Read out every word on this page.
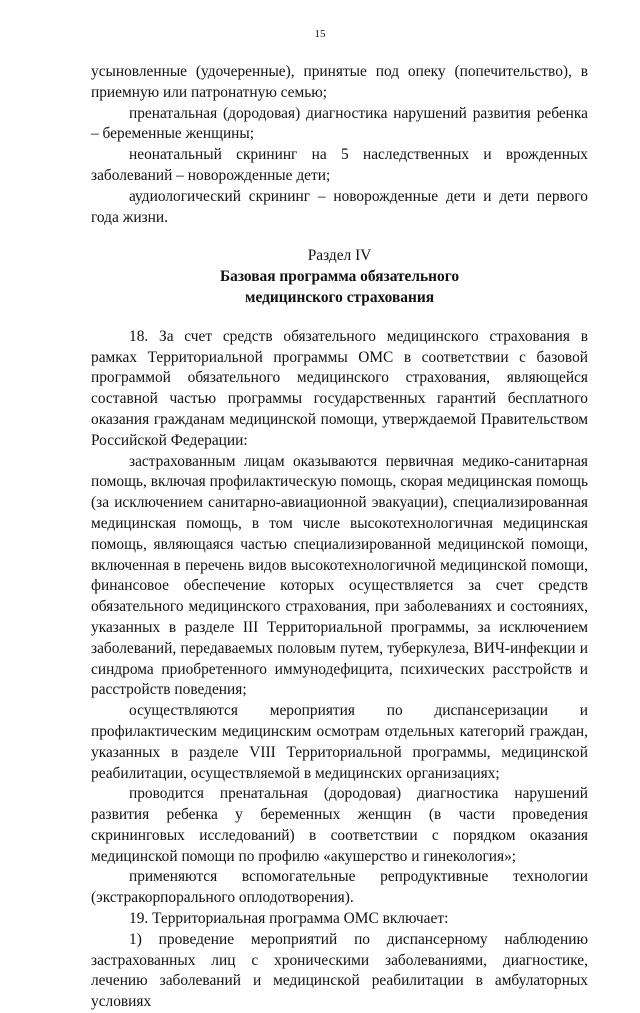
15

усыновленные (удочеренные), принятые под опеку (попечительство), в приемную или патронатную семью;

пренатальная (дородовая) диагностика нарушений развития ребенка – беременные женщины;

неонатальный скрининг на 5 наследственных и врожденных заболеваний – новорожденные дети;

аудиологический скрининг – новорожденные дети и дети первого года жизни.

Раздел IV
Базовая программа обязательного
медицинского страхования

18. За счет средств обязательного медицинского страхования в рамках Территориальной программы ОМС в соответствии с базовой программой обязательного медицинского страхования, являющейся составной частью программы государственных гарантий бесплатного оказания гражданам медицинской помощи, утверждаемой Правительством Российской Федерации:

застрахованным лицам оказываются первичная медико-санитарная помощь, включая профилактическую помощь, скорая медицинская помощь (за исключением санитарно-авиационной эвакуации), специализированная медицинская помощь, в том числе высокотехнологичная медицинская помощь, являющаяся частью специализированной медицинской помощи, включенная в перечень видов высокотехнологичной медицинской помощи, финансовое обеспечение которых осуществляется за счет средств обязательного медицинского страхования, при заболеваниях и состояниях, указанных в разделе III Территориальной программы, за исключением заболеваний, передаваемых половым путем, туберкулеза, ВИЧ-инфекции и синдрома приобретенного иммунодефицита, психических расстройств и расстройств поведения;

осуществляются мероприятия по диспансеризации и профилактическим медицинским осмотрам отдельных категорий граждан, указанных в разделе VIII Территориальной программы, медицинской реабилитации, осуществляемой в медицинских организациях;

проводится пренатальная (дородовая) диагностика нарушений развития ребенка у беременных женщин (в части проведения скрининговых исследований) в соответствии с порядком оказания медицинской помощи по профилю «акушерство и гинекология»;

применяются вспомогательные репродуктивные технологии (экстракорпорального оплодотворения).

19. Территориальная программа ОМС включает:

1) проведение мероприятий по диспансерному наблюдению застрахованных лиц с хроническими заболеваниями, диагностике, лечению заболеваний и медицинской реабилитации в амбулаторных условиях
